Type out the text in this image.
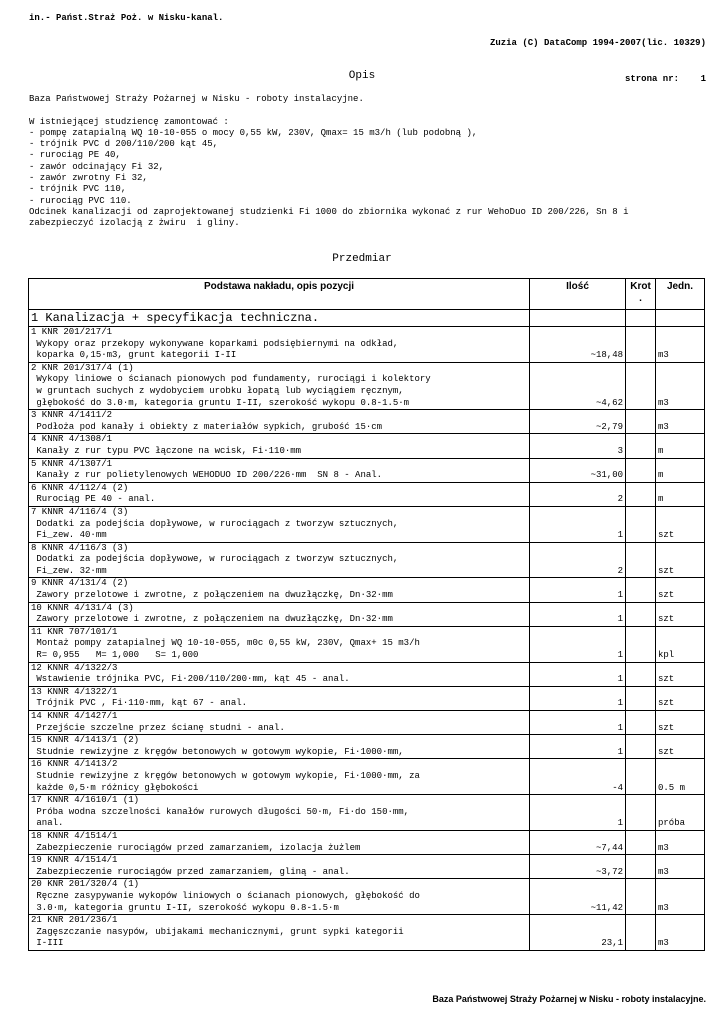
in.- Państ.Straż Poż. w Nisku-kanal.

Zuzia (C) DataComp 1994-2007(lic. 10329)

strona nr:    1

Opis
Baza Państwowej Straży Pożarnej w Nisku - roboty instalacyjne.

W istniejącej studziencę zamontować :
- pompę zatapialną WQ 10-10-055 o mocy 0,55 kW, 230V, Qmax= 15 m3/h (lub podobną ),
- trójnik PVC d 200/110/200 kąt 45,
- rurociąg PE 40,
- zawór odcinający Fi 32,
- zawór zwrotny Fi 32,
- trójnik PVC 110,
- rurociąg PVC 110.
Odcinek kanalizacji od zaprojektowanej studzienki Fi 1000 do zbiornika wykonać z rur WehoDuo ID 200/226, Sn 8 i
zabezpieczyć izolacją z żwiru  i gliny.
Przedmiar
Podstawa nakładu, opis pozycji	Ilość	Krot
.	Jedn.
1 Kanalizacja + specyfikacja techniczna.			

1 KNR 201/217/1
Wykopy oraz przekopy wykonywane koparkami podsiębiernymi na odkład,
koparka 0,15·m3, grunt kategorii I-II	~18,48		m3

2 KNR 201/317/4 (1)
Wykopy liniowe o ścianach pionowych pod fundamenty, rurociągi i kolektory
w gruntach suchych z wydobyciem urobku łopatą lub wyciągiem ręcznym,
głębokość do 3.0·m, kategoria gruntu I-II, szerokość wykopu 0.8-1.5·m	~4,62		m3

3 KNNR 4/1411/2
Podłoża pod kanały i obiekty z materiałów sypkich, grubość 15·cm	~2,79		m3

4 KNNR 4/1308/1
Kanały z rur typu PVC łączone na wcisk, Fi·110·mm	3		m

5 KNNR 4/1307/1
Kanały z rur polietylenowych WEHODUO ID 200/226·mm  SN 8 - Anal.	~31,00		m

6 KNNR 4/112/4 (2)
Rurociąg PE 40 - anal.	2		m

7 KNNR 4/116/4 (3)
Dodatki za podejścia dopływowe, w rurociągach z tworzyw sztucznych,
Fi_zew. 40·mm	1		szt

8 KNNR 4/116/3 (3)
Dodatki za podejścia dopływowe, w rurociągach z tworzyw sztucznych,
Fi_zew. 32·mm	2		szt

9 KNNR 4/131/4 (2)
Zawory przelotowe i zwrotne, z połączeniem na dwuzłączkę, Dn·32·mm	1		szt

10 KNNR 4/131/4 (3)
Zawory przelotowe i zwrotne, z połączeniem na dwuzłączkę, Dn·32·mm	1		szt

11 KNR 707/101/1
Montaż pompy zatapialnej WQ 10-10-055, m0c 0,55 kW, 230V, Qmax+ 15 m3/h
R= 0,955   M= 1,000   S= 1,000	1		kpl

12 KNNR 4/1322/3
Wstawienie trójnika PVC, Fi·200/110/200·mm, kąt 45 - anal.	1		szt

13 KNNR 4/1322/1
Trójnik PVC , Fi·110·mm, kąt 67 - anal.	1		szt

14 KNNR 4/1427/1
Przejście szczelne przez ścianę studni - anal.	1		szt

15 KNNR 4/1413/1 (2)
Studnie rewizyjne z kręgów betonowych w gotowym wykopie, Fi·1000·mm,	1		szt

16 KNNR 4/1413/2
Studnie rewizyjne z kręgów betonowych w gotowym wykopie, Fi·1000·mm, za
każde 0,5·m różnicy głębokości	-4		0.5 m

17 KNNR 4/1610/1 (1)
Próba wodna szczelności kanałów rurowych długości 50·m, Fi·do 150·mm,
anal.	1		próba

18 KNNR 4/1514/1
Zabezpieczenie rurociągów przed zamarzaniem, izolacja żużlem	~7,44		m3

19 KNNR 4/1514/1
Zabezpieczenie rurociągów przed zamarzaniem, gliną - anal.	~3,72		m3

20 KNR 201/320/4 (1)
Ręczne zasypywanie wykopów liniowych o ścianach pionowych, głębokość do
3.0·m, kategoria gruntu I-II, szerokość wykopu 0.8-1.5·m	~11,42		m3

21 KNR 201/236/1
Zagęszczanie nasypów, ubijakami mechanicznymi, grunt sypki kategorii
I-III	23,1		m3
Baza Państwowej Straży Pożarnej w Nisku - roboty instalacyjne.
